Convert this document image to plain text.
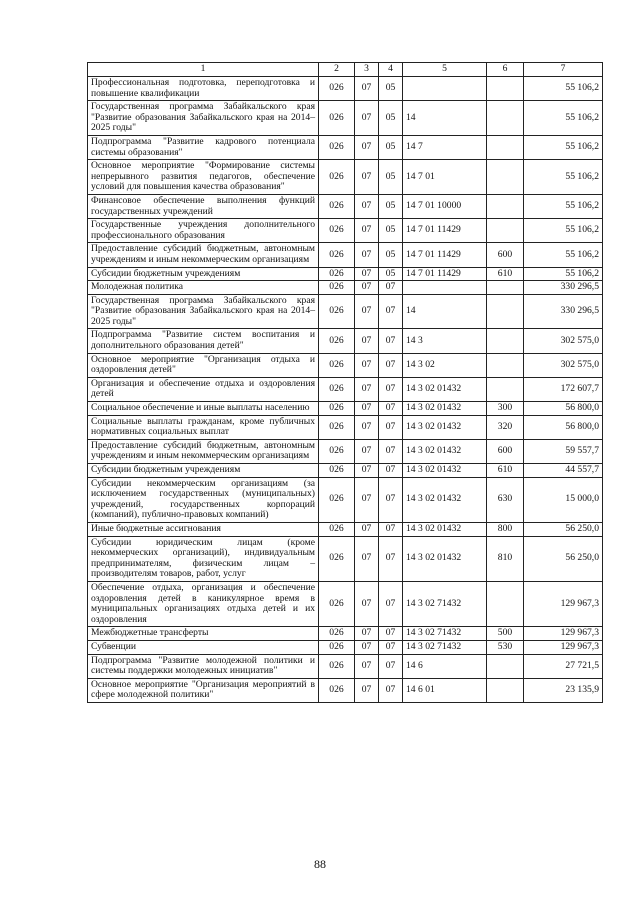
1	2	3	4	5	6	7
Профессиональная подготовка, переподготовка и повышение квалификации	026	07	05			55 106,2
Государственная программа Забайкальского края "Развитие образования Забайкальского края на 2014–2025 годы"	026	07	05	14		55 106,2
Подпрограмма "Развитие кадрового потенциала системы образования"	026	07	05	14 7		55 106,2
Основное мероприятие "Формирование системы непрерывного развития педагогов, обеспечение условий для повышения качества образования"	026	07	05	14 7 01		55 106,2
Финансовое обеспечение выполнения функций государственных учреждений	026	07	05	14 7 01 10000		55 106,2
Государственные учреждения дополнительного профессионального образования	026	07	05	14 7 01 11429		55 106,2
Предоставление субсидий бюджетным, автономным учреждениям и иным некоммерческим организациям	026	07	05	14 7 01 11429	600	55 106,2
Субсидии бюджетным учреждениям	026	07	05	14 7 01 11429	610	55 106,2
Молодежная политика	026	07	07			330 296,5
Государственная программа Забайкальского края "Развитие образования Забайкальского края на 2014–2025 годы"	026	07	07	14		330 296,5
Подпрограмма "Развитие систем воспитания и дополнительного образования детей"	026	07	07	14 3		302 575,0
Основное мероприятие "Организация отдыха и оздоровления детей"	026	07	07	14 3 02		302 575,0
Организация и обеспечение отдыха и оздоровления детей	026	07	07	14 3 02 01432		172 607,7
Социальное обеспечение и иные выплаты населению	026	07	07	14 3 02 01432	300	56 800,0
Социальные выплаты гражданам, кроме публичных нормативных социальных выплат	026	07	07	14 3 02 01432	320	56 800,0
Предоставление субсидий бюджетным, автономным учреждениям и иным некоммерческим организациям	026	07	07	14 3 02 01432	600	59 557,7
Субсидии бюджетным учреждениям	026	07	07	14 3 02 01432	610	44 557,7
Субсидии некоммерческим организациям (за исключением государственных (муниципальных) учреждений, государственных корпораций (компаний), публично-правовых компаний)	026	07	07	14 3 02 01432	630	15 000,0
Иные бюджетные ассигнования	026	07	07	14 3 02 01432	800	56 250,0
Субсидии юридическим лицам (кроме некоммерческих организаций), индивидуальным предпринимателям, физическим лицам – производителям товаров, работ, услуг	026	07	07	14 3 02 01432	810	56 250,0
Обеспечение отдыха, организация и обеспечение оздоровления детей в каникулярное время в муниципальных организациях отдыха детей и их оздоровления	026	07	07	14 3 02 71432		129 967,3
Межбюджетные трансферты	026	07	07	14 3 02 71432	500	129 967,3
Субвенции	026	07	07	14 3 02 71432	530	129 967,3
Подпрограмма "Развитие молодежной политики и системы поддержки молодежных инициатив"	026	07	07	14 6		27 721,5
Основное мероприятие "Организация мероприятий в сфере молодежной политики"	026	07	07	14 6 01		23 135,9
88
